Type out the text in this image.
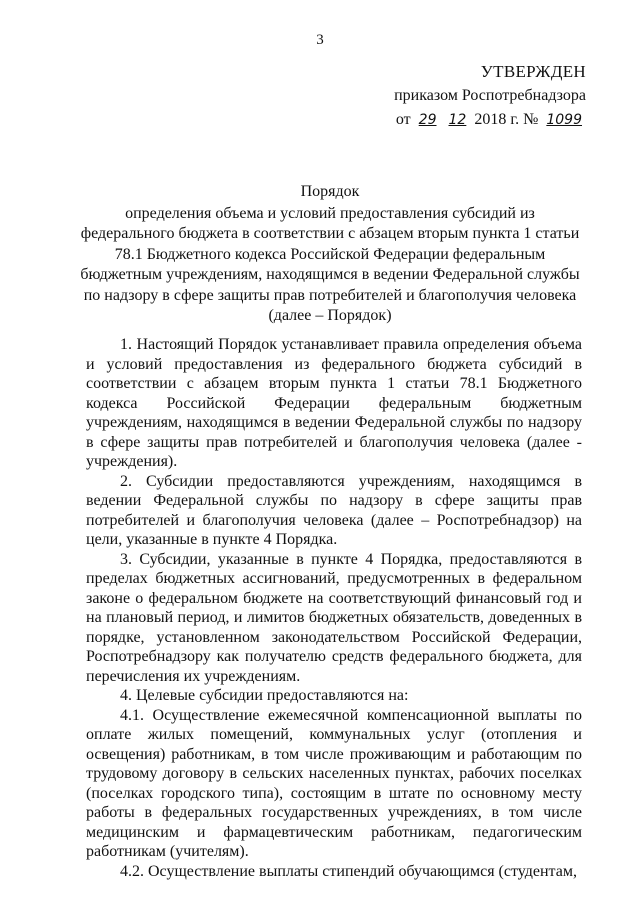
3
УТВЕРЖДЕН
приказом Роспотребнадзора
от 29 12 2018 г. № 1099
Порядок
определения объема и условий предоставления субсидий из
федерального бюджета в соответствии с абзацем вторым пункта 1 статьи
78.1 Бюджетного кодекса Российской Федерации федеральным
бюджетным учреждениям, находящимся в ведении Федеральной службы
по надзору в сфере защиты прав потребителей и благополучия человека
(далее – Порядок)

1. Настоящий Порядок устанавливает правила определения объема и условий предоставления из федерального бюджета субсидий в соответствии с абзацем вторым пункта 1 статьи 78.1 Бюджетного кодекса Российской Федерации федеральным бюджетным учреждениям, находящимся в ведении Федеральной службы по надзору в сфере защиты прав потребителей и благополучия человека (далее - учреждения).

2. Субсидии предоставляются учреждениям, находящимся в ведении Федеральной службы по надзору в сфере защиты прав потребителей и благополучия человека (далее – Роспотребнадзор) на цели, указанные в пункте 4 Порядка.

3. Субсидии, указанные в пункте 4 Порядка, предоставляются в пределах бюджетных ассигнований, предусмотренных в федеральном законе о федеральном бюджете на соответствующий финансовый год и на плановый период, и лимитов бюджетных обязательств, доведенных в порядке, установленном законодательством Российской Федерации, Роспотребнадзору как получателю средств федерального бюджета, для перечисления их учреждениям.

4. Целевые субсидии предоставляются на:

4.1. Осуществление ежемесячной компенсационной выплаты по оплате жилых помещений, коммунальных услуг (отопления и освещения) работникам, в том числе проживающим и работающим по трудовому договору в сельских населенных пунктах, рабочих поселках (поселках городского типа), состоящим в штате по основному месту работы в федеральных государственных учреждениях, в том числе медицинским и фармацевтическим работникам, педагогическим работникам (учителям).

4.2. Осуществление выплаты стипендий обучающимся (студентам,
